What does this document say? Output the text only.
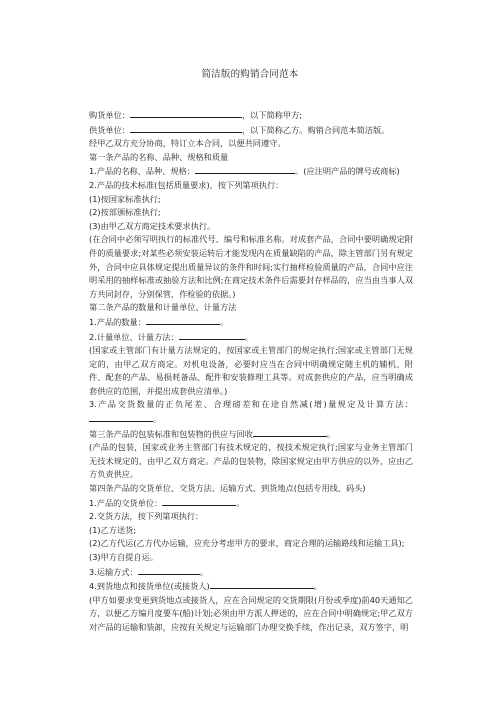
简洁版的购销合同范本

购货单位：	，以下简称甲方;

供货单位：	，以下简称乙方。购销合同范本简洁版。

经甲乙双方充分协商，特订立本合同，以便共同遵守。

第一条产品的名称、品种、规格和质量

1.产品的名称、品种、规格：	。(应注明产品的牌号或商标)

2.产品的技术标准(包括质量要求)，按下列第项执行：

(1)按国家标准执行;

(2)按部颁标准执行;

(3)由甲乙双方商定技术要求执行。

(在合同中必须写明执行的标准代号、编号和标准名称。对成套产品，合同中要明确规定附件的质量要求;对某些必须安装运转后才能发现内在质量缺陷的产品，除主管部门另有规定外，合同中应具体规定提出质量异议的条件和时间;实行抽样检验质量的产品，合同中应注明采用的抽样标准或抽验方法和比例;在商定技术条件后需要封存样品的，应当由当事人双方共同封存，分别保管，作检验的依据。)

第二条产品的数量和计量单位、计量方法

1.产品的数量：	。

2.计量单位、计量方法：	。

(国家或主管部门有计量方法规定的，按国家或主管部门的规定执行;国家或主管部门无规定的，由甲乙双方商定。对机电设备，必要时应当在合同中明确规定随主机的辅机、附件、配套的产品、易损耗备品、配件和安装修理工具等。对成套供应的产品，应当明确成套供应的范围，并提出成套供应清单。)

3.产品交货数量的正负尾差、合理磅差和在途自然减(增)量规定及计算方法：。

第三条产品的包装标准和包装物的供应与回收	。

(产品的包装，国家或业务主管部门有技术规定的，按技术规定执行;国家与业务主管部门无技术规定的，由甲乙双方商定。产品的包装物，除国家规定由甲方供应的以外，应由乙方负责供应。

第四条产品的交货单位、交货方法、运输方式、到货地点(包括专用线、码头)

1.产品的交货单位：	。

2.交货方法，按下列第项执行：

(1)乙方送货;

(2)乙方代运(乙方代办运输，应充分考虑甲方的要求，商定合理的运输路线和运输工具);

(3)甲方自提自运。

3.运输方式：	。

4.到货地点和接货单位(或接货人)	。

(甲方如要求变更到货地点或接货人，应在合同规定的交货期限(月份或季度)前40天通知乙方，以便乙方编月度要车(船)计划;必须由甲方派人押送的，应在合同中明确规定;甲乙双方对产品的运输和装卸，应按有关规定与运输部门办理交换手续，作出记录，双方签字，明
